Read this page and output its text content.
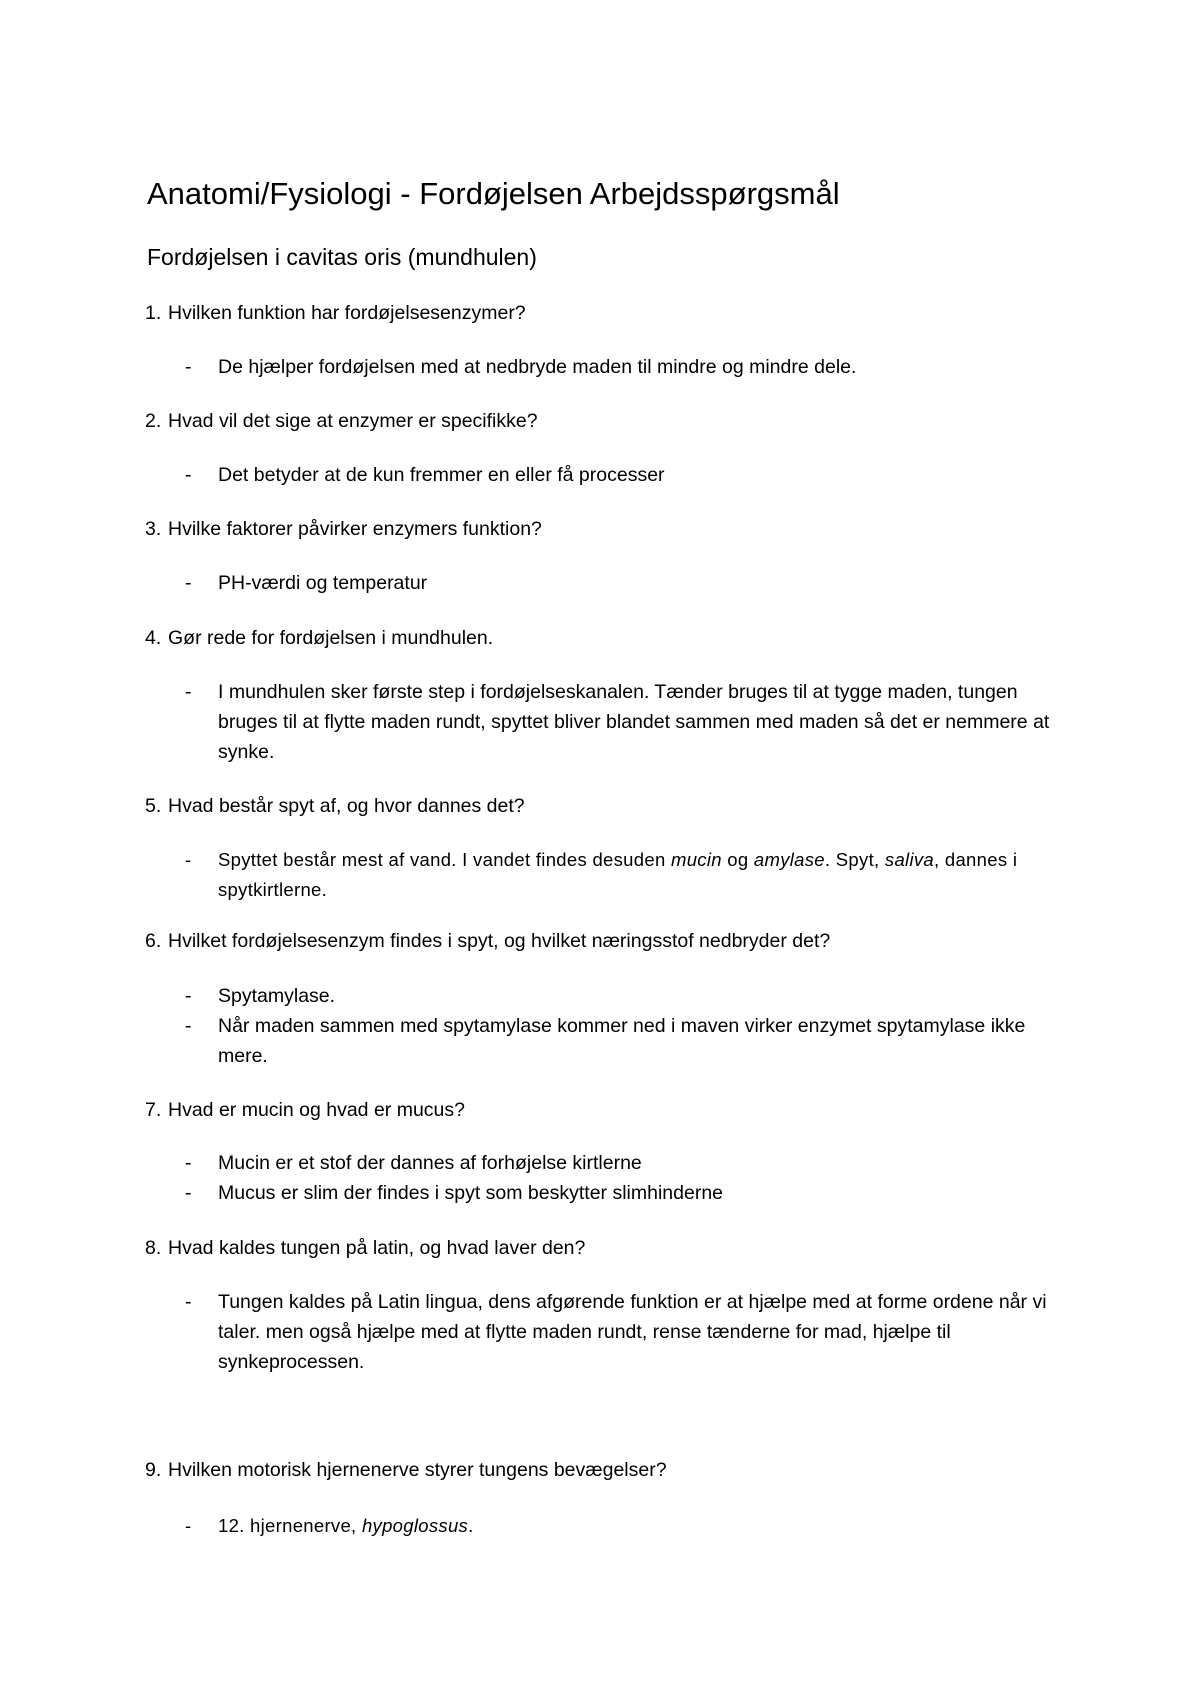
Anatomi/Fysiologi - Fordøjelsen Arbejdsspørgsmål
Fordøjelsen i cavitas oris (mundhulen)
1. Hvilken funktion har fordøjelsesenzymer?
- De hjælper fordøjelsen med at nedbryde maden til mindre og mindre dele.
2. Hvad vil det sige at enzymer er specifikke?
- Det betyder at de kun fremmer en eller få processer
3. Hvilke faktorer påvirker enzymers funktion?
- PH-værdi og temperatur
4. Gør rede for fordøjelsen i mundhulen.
- I mundhulen sker første step i fordøjelseskanalen. Tænder bruges til at tygge maden, tungen bruges til at flytte maden rundt, spyttet bliver blandet sammen med maden så det er nemmere at synke.
5. Hvad består spyt af, og hvor dannes det?
- Spyttet består mest af vand. I vandet findes desuden mucin og amylase. Spyt, saliva, dannes i spytkirtlerne.
6. Hvilket fordøjelsesenzym findes i spyt, og hvilket næringsstof nedbryder det?
- Spytamylase.
- Når maden sammen med spytamylase kommer ned i maven virker enzymet spytamylase ikke mere.
7. Hvad er mucin og hvad er mucus?
- Mucin er et stof der dannes af forhøjelse kirtlerne
- Mucus er slim der findes i spyt som beskytter slimhinderne
8. Hvad kaldes tungen på latin, og hvad laver den?
- Tungen kaldes på Latin lingua, dens afgørende funktion er at hjælpe med at forme ordene når vi taler. men også hjælpe med at flytte maden rundt, rense tænderne for mad, hjælpe til synkeprocessen.
9. Hvilken motorisk hjernenerve styrer tungens bevægelser?
- 12. hjernenerve, hypoglossus.
